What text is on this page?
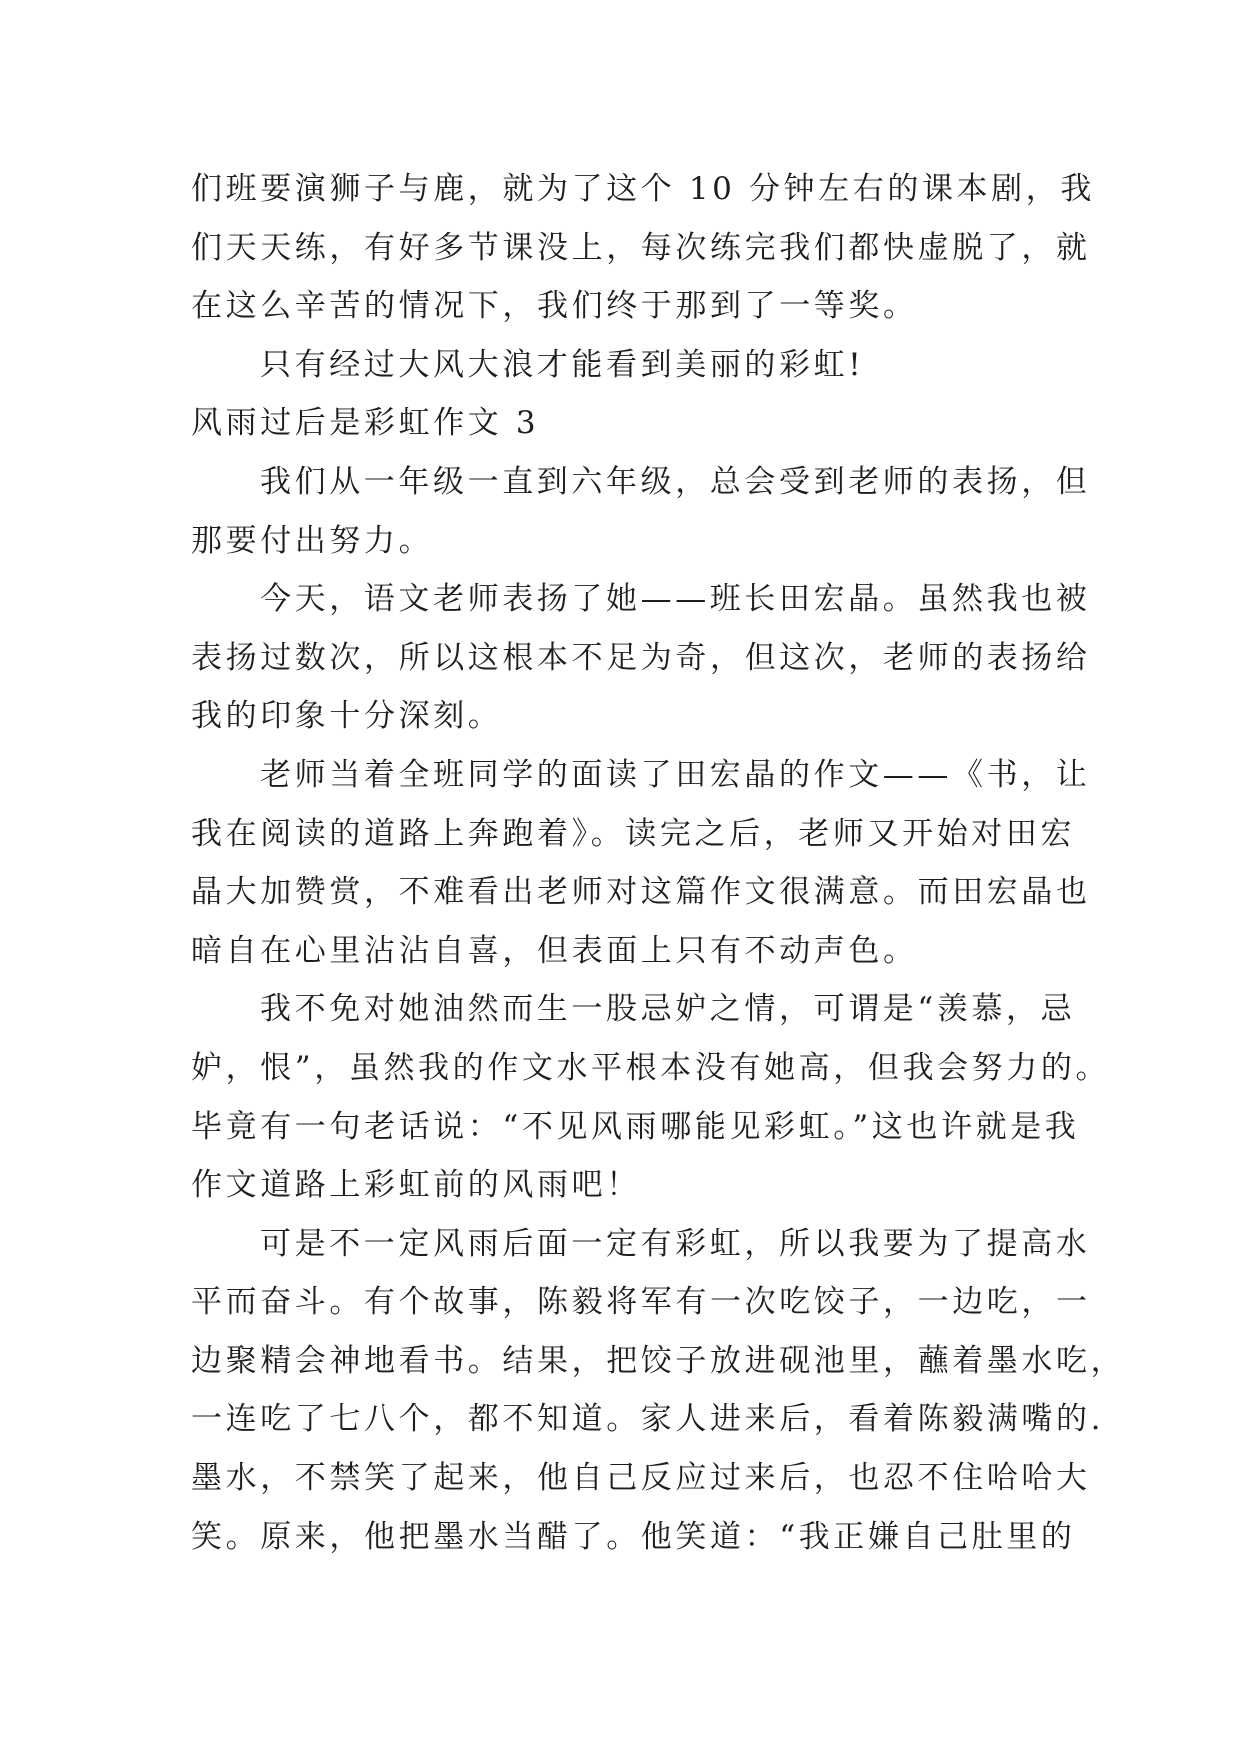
们班要演狮子与鹿，就为了这个 10 分钟左右的课本剧，我
们天天练，有好多节课没上，每次练完我们都快虚脱了，就
在这么辛苦的情况下，我们终于那到了一等奖。
只有经过大风大浪才能看到美丽的彩虹!
风雨过后是彩虹作文 3
我们从一年级一直到六年级，总会受到老师的表扬，但
那要付出努力。
今天，语文老师表扬了她——班长田宏晶。虽然我也被
表扬过数次，所以这根本不足为奇，但这次，老师的表扬给
我的印象十分深刻。
老师当着全班同学的面读了田宏晶的作文——《书，让
我在阅读的道路上奔跑着》。读完之后，老师又开始对田宏
晶大加赞赏，不难看出老师对这篇作文很满意。而田宏晶也
暗自在心里沾沾自喜，但表面上只有不动声色。
我不免对她油然而生一股忌妒之情，可谓是“羡慕，忌
妒，恨”，虽然我的作文水平根本没有她高，但我会努力的。
毕竟有一句老话说：“不见风雨哪能见彩虹。”这也许就是我
作文道路上彩虹前的风雨吧！
可是不一定风雨后面一定有彩虹，所以我要为了提高水
平而奋斗。有个故事，陈毅将军有一次吃饺子，一边吃，一
边聚精会神地看书。结果，把饺子放进砚池里，蘸着墨水吃，
一连吃了七八个，都不知道。家人进来后，看着陈毅满嘴的.
墨水，不禁笑了起来，他自己反应过来后，也忍不住哈哈大
笑。原来，他把墨水当醋了。他笑道：“我正嫌自己肚里的
